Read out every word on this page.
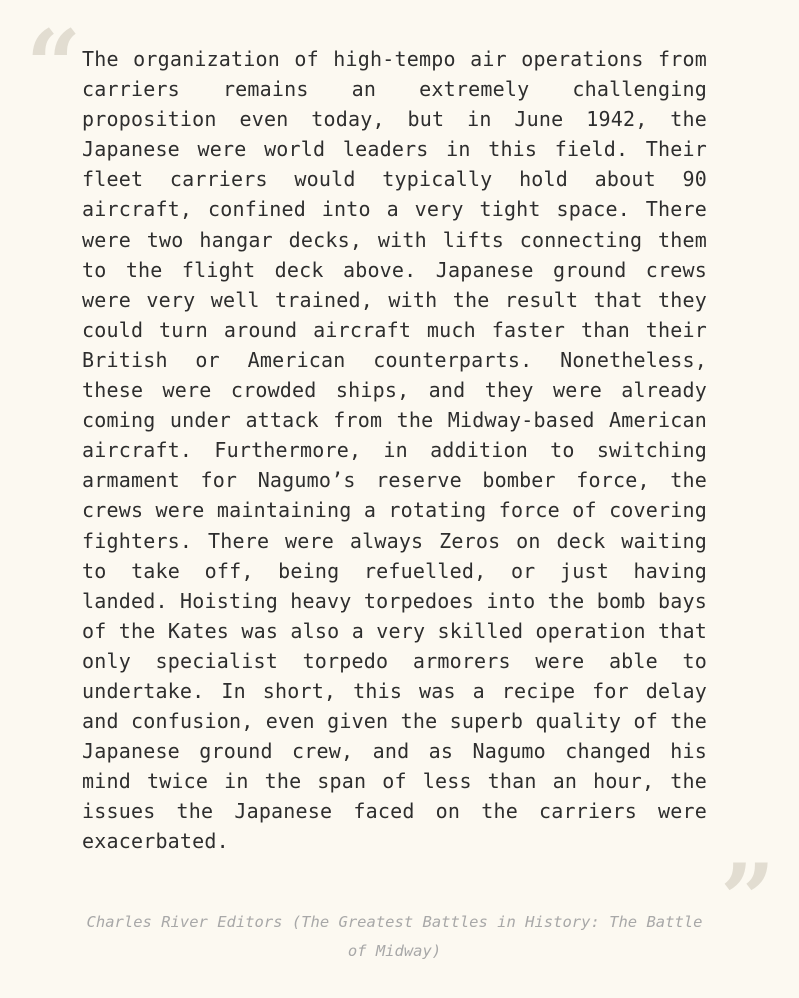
“ The organization of high-tempo air operations from carriers remains an extremely challenging proposition even today, but in June 1942, the Japanese were world leaders in this field. Their fleet carriers would typically hold about 90 aircraft, confined into a very tight space. There were two hangar decks, with lifts connecting them to the flight deck above. Japanese ground crews were very well trained, with the result that they could turn around aircraft much faster than their British or American counterparts. Nonetheless, these were crowded ships, and they were already coming under attack from the Midway-based American aircraft. Furthermore, in addition to switching armament for Nagumo’s reserve bomber force, the crews were maintaining a rotating force of covering fighters. There were always Zeros on deck waiting to take off, being refuelled, or just having landed. Hoisting heavy torpedoes into the bomb bays of the Kates was also a very skilled operation that only specialist torpedo armorers were able to undertake. In short, this was a recipe for delay and confusion, even given the superb quality of the Japanese ground crew, and as Nagumo changed his mind twice in the span of less than an hour, the issues the Japanese faced on the carriers were exacerbated.

”

Charles River Editors (The Greatest Battles in History: The Battle of Midway)
